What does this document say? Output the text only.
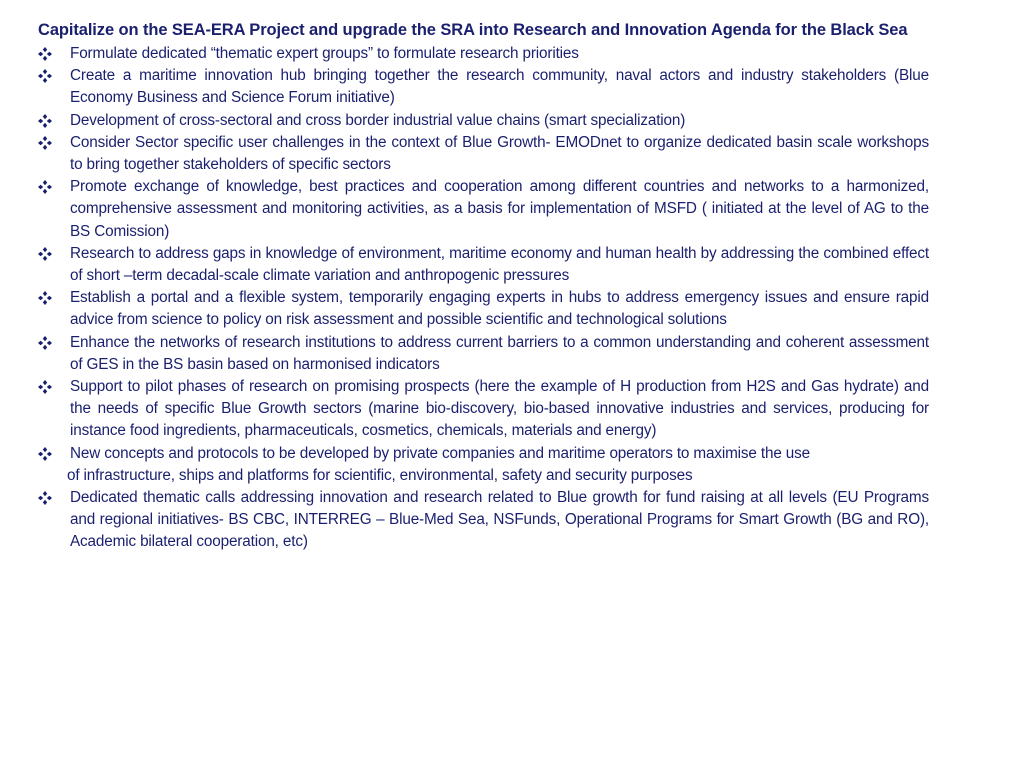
Capitalize on the SEA-ERA Project and upgrade the SRA into Research and Innovation Agenda for the Black Sea
Formulate dedicated “thematic expert groups” to formulate research priorities
Create a maritime innovation hub bringing together the research community, naval actors and industry stakeholders (Blue Economy Business and Science Forum initiative)
Development of cross-sectoral and cross border industrial value chains (smart specialization)
Consider Sector specific user challenges in the context of Blue Growth- EMODnet to organize dedicated basin scale workshops to bring together stakeholders of specific sectors
Promote exchange of knowledge, best practices and cooperation among different countries and networks to a harmonized, comprehensive assessment and monitoring activities, as a basis for implementation of MSFD ( initiated at the level of AG to the BS Comission)
Research to address gaps in knowledge of environment, maritime economy and human health by addressing the combined effect of short –term decadal-scale climate variation and anthropogenic pressures
Establish a portal and a flexible system, temporarily engaging experts in hubs to address emergency issues and ensure rapid advice from science to policy on risk assessment and possible scientific and technological solutions
Enhance the networks of research institutions to address current barriers to a common understanding and coherent assessment of GES in the BS basin based on harmonised indicators
Support to pilot phases of research on promising prospects (here the example of H production from H2S and Gas hydrate) and the needs of specific Blue Growth sectors (marine bio-discovery, bio-based innovative industries and services, producing for instance food ingredients, pharmaceuticals, cosmetics, chemicals, materials and energy)
New concepts and protocols to be developed by private companies and maritime operators to maximise the use
of infrastructure, ships and platforms for scientific, environmental, safety and security purposes
Dedicated thematic calls addressing innovation and research related to Blue growth for fund raising at all levels (EU Programs and regional initiatives- BS CBC, INTERREG – Blue-Med Sea, NSFunds, Operational Programs for Smart Growth (BG and RO), Academic bilateral cooperation, etc)
